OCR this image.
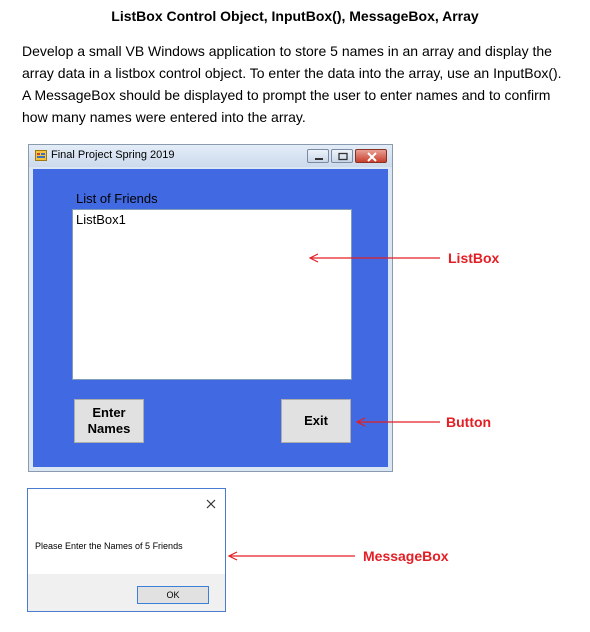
ListBox Control Object, InputBox(), MessageBox, Array

Develop a small VB Windows application to store 5 names in an array and display the array data in a listbox control object. To enter the data into the array, use an InputBox(). A MessageBox should be displayed to prompt the user to enter names and to confirm how many names were entered into the array.

Final Project Spring 2019
List of Friends
ListBox1
Enter
Names
Exit
ListBox
Button
MessageBox
Please Enter the Names of 5 Friends
OK
